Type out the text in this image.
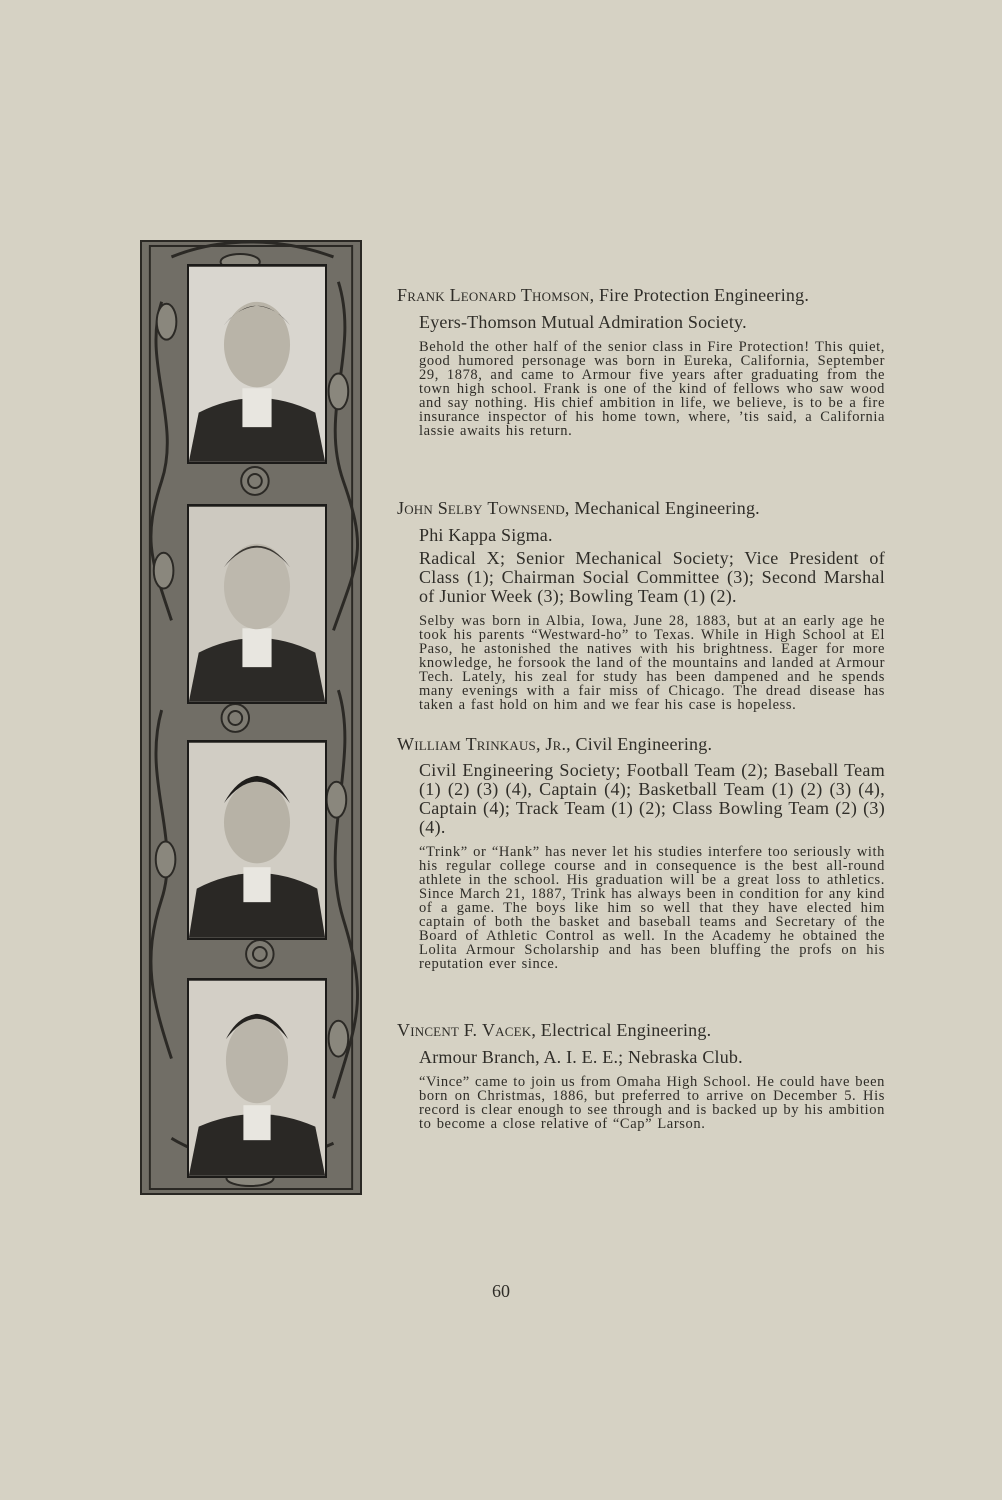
Frank Leonard Thomson, Fire Protection Engineering.
Eyers-Thomson Mutual Admiration Society.
Behold the other half of the senior class in Fire Protection! This quiet, good humored personage was born in Eureka, California, September 29, 1878, and came to Armour five years after graduating from the town high school. Frank is one of the kind of fellows who saw wood and say nothing. His chief ambition in life, we believe, is to be a fire insurance inspector of his home town, where, ’tis said, a California lassie awaits his return.
John Selby Townsend, Mechanical Engineering.
Phi Kappa Sigma.
Radical X; Senior Mechanical Society; Vice President of Class (1); Chairman Social Committee (3); Second Marshal of Junior Week (3); Bowling Team (1) (2).
Selby was born in Albia, Iowa, June 28, 1883, but at an early age he took his parents “Westward-ho” to Texas. While in High School at El Paso, he astonished the natives with his brightness. Eager for more knowledge, he forsook the land of the mountains and landed at Armour Tech. Lately, his zeal for study has been dampened and he spends many evenings with a fair miss of Chicago. The dread disease has taken a fast hold on him and we fear his case is hopeless.
William Trinkaus, Jr., Civil Engineering.
Civil Engineering Society; Football Team (2); Baseball Team (1) (2) (3) (4), Captain (4); Basketball Team (1) (2) (3) (4), Captain (4); Track Team (1) (2); Class Bowling Team (2) (3) (4).
“Trink” or “Hank” has never let his studies interfere too seriously with his regular college course and in consequence is the best all-round athlete in the school. His graduation will be a great loss to athletics. Since March 21, 1887, Trink has always been in condition for any kind of a game. The boys like him so well that they have elected him captain of both the basket and baseball teams and Secretary of the Board of Athletic Control as well. In the Academy he obtained the Lolita Armour Scholarship and has been bluffing the profs on his reputation ever since.
Vincent F. Vacek, Electrical Engineering.
Armour Branch, A. I. E. E.; Nebraska Club.
“Vince” came to join us from Omaha High School. He could have been born on Christmas, 1886, but preferred to arrive on December 5. His record is clear enough to see through and is backed up by his ambition to become a close relative of “Cap” Larson.
60
